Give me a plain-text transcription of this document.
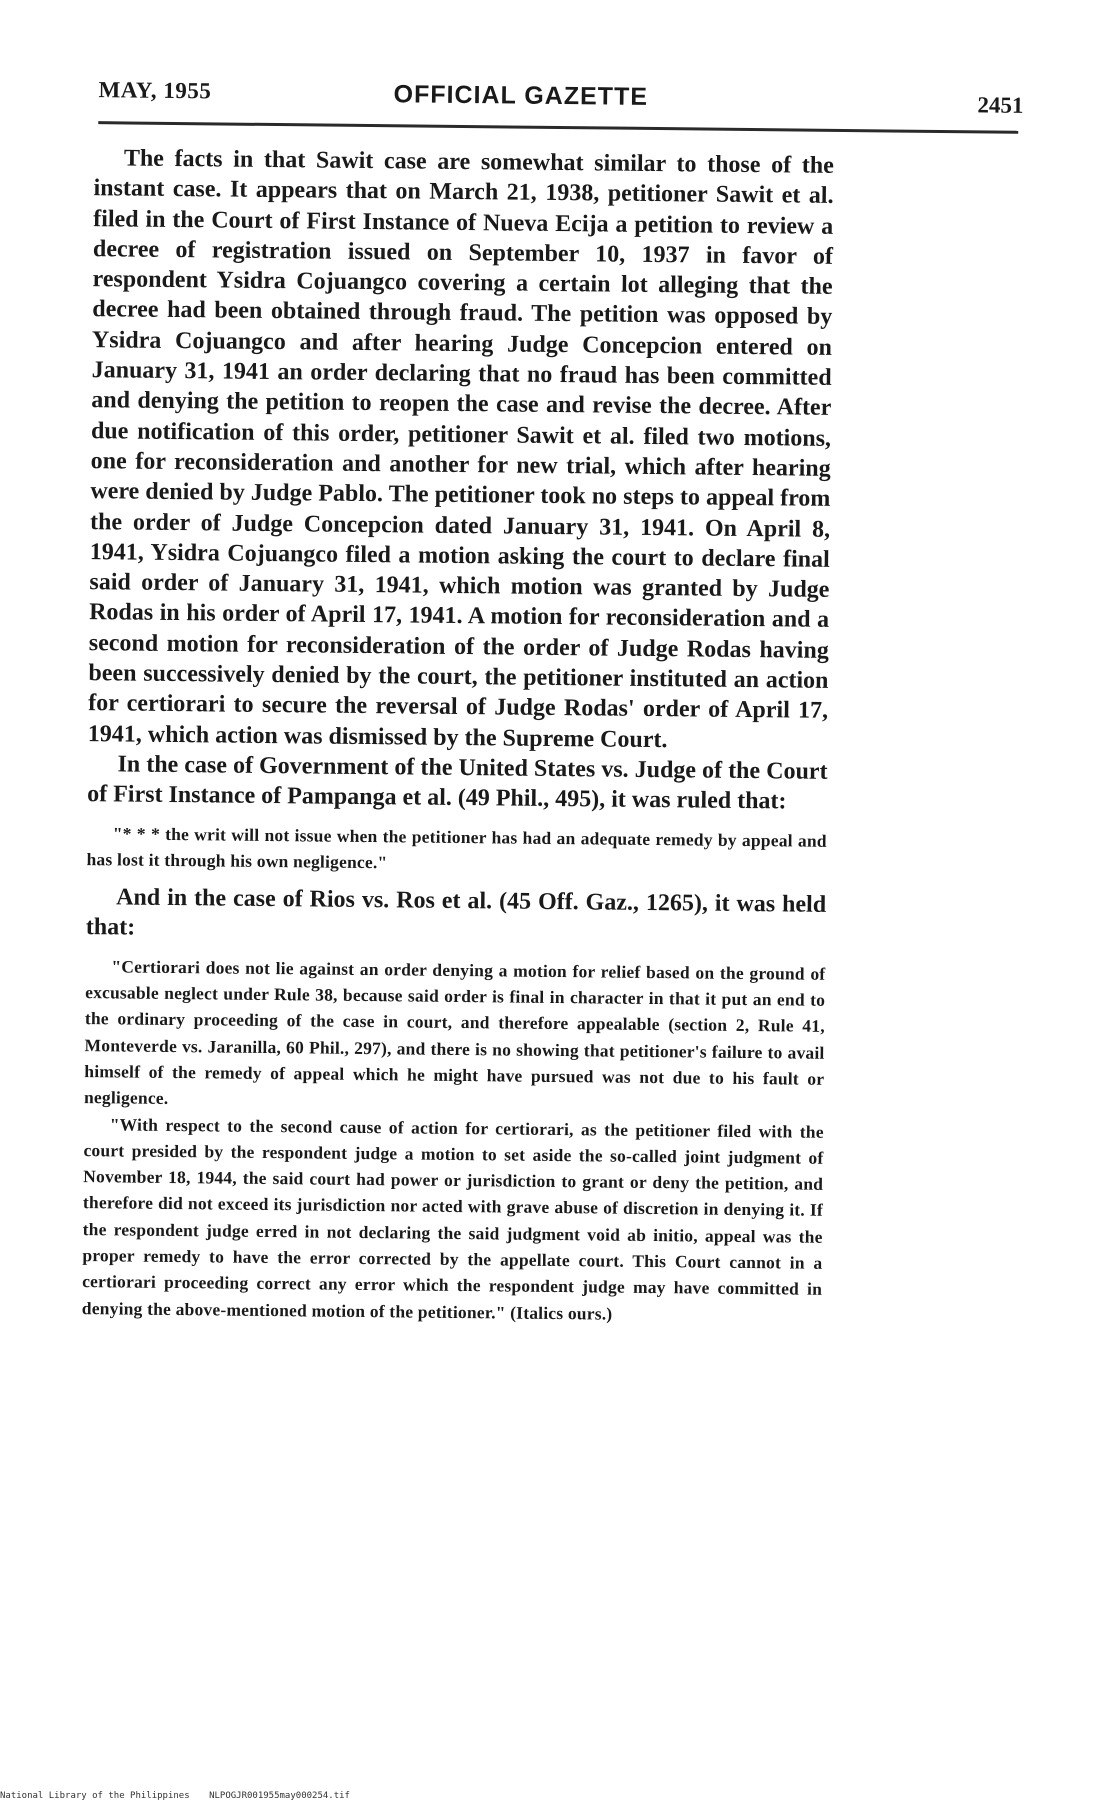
MAY, 1955	OFFICIAL GAZETTE	2451

The facts in that Sawit case are somewhat similar to those of the instant case. It appears that on March 21, 1938, petitioner Sawit et al. filed in the Court of First Instance of Nueva Ecija a petition to review a decree of registration issued on September 10, 1937 in favor of respondent Ysidra Cojuangco covering a certain lot alleging that the decree had been obtained through fraud. The petition was opposed by Ysidra Cojuangco and after hearing Judge Concepcion entered on January 31, 1941 an order declaring that no fraud has been committed and denying the petition to reopen the case and revise the decree. After due notification of this order, petitioner Sawit et al. filed two motions, one for reconsideration and another for new trial, which after hearing were denied by Judge Pablo. The petitioner took no steps to appeal from the order of Judge Concepcion dated January 31, 1941. On April 8, 1941, Ysidra Cojuangco filed a motion asking the court to declare final said order of January 31, 1941, which motion was granted by Judge Rodas in his order of April 17, 1941. A motion for reconsideration and a second motion for reconsideration of the order of Judge Rodas having been successively denied by the court, the petitioner instituted an action for certiorari to secure the reversal of Judge Rodas' order of April 17, 1941, which action was dismissed by the Supreme Court.

In the case of Government of the United States vs. Judge of the Court of First Instance of Pampanga et al. (49 Phil., 495), it was ruled that:

"* * * the writ will not issue when the petitioner has had an adequate remedy by appeal and has lost it through his own negligence."

And in the case of Rios vs. Ros et al. (45 Off. Gaz., 1265), it was held that:

"Certiorari does not lie against an order denying a motion for relief based on the ground of excusable neglect under Rule 38, because said order is final in character in that it put an end to the ordinary proceeding of the case in court, and therefore appealable (section 2, Rule 41, Monteverde vs. Jaranilla, 60 Phil., 297), and there is no showing that petitioner's failure to avail himself of the remedy of appeal which he might have pursued was not due to his fault or negligence.

"With respect to the second cause of action for certiorari, as the petitioner filed with the court presided by the respondent judge a motion to set aside the so-called joint judgment of November 18, 1944, the said court had power or jurisdiction to grant or deny the petition, and therefore did not exceed its jurisdiction nor acted with grave abuse of discretion in denying it. If the respondent judge erred in not declaring the said judgment void ab initio, appeal was the proper remedy to have the error corrected by the appellate court. This Court cannot in a certiorari proceeding correct any error which the respondent judge may have committed in denying the above-mentioned motion of the petitioner." (Italics ours.)

National Library of the Philippines NLPOGJR001955may000254.tif
